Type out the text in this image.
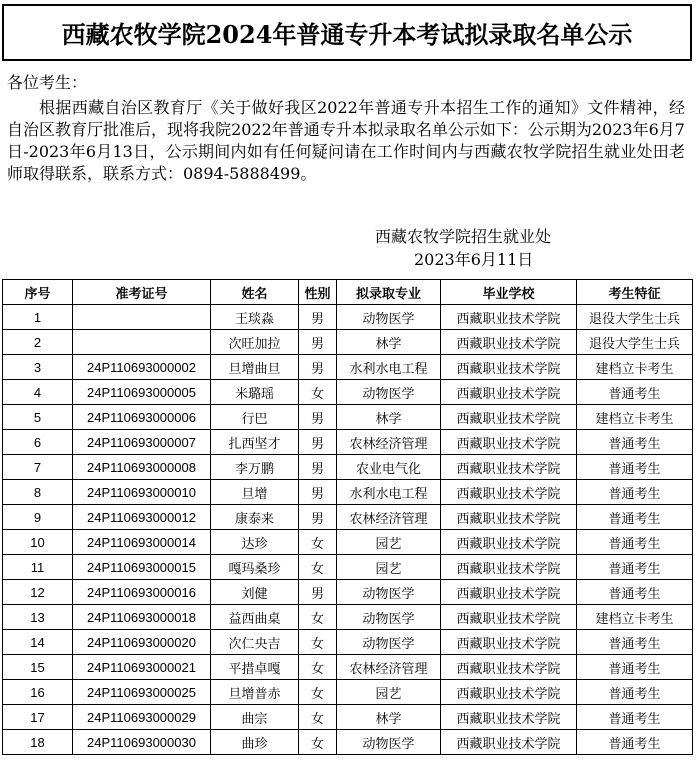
西藏农牧学院2024年普通专升本考试拟录取名单公示
各位考生：
根据西藏自治区教育厅《关于做好我区2022年普通专升本招生工作的通知》文件精神，经自治区教育厅批准后，现将我院2022年普通专升本拟录取名单公示如下：公示期为2023年6月7日-2023年6月13日，公示期间内如有任何疑问请在工作时间内与西藏农牧学院招生就业处田老师取得联系，联系方式：0894-5888499。
西藏农牧学院招生就业处
2023年6月11日
序号	准考证号	姓名	性别	拟录取专业	毕业学校	考生特征
1		王琰淼	男	动物医学	西藏职业技术学院	退役大学生士兵
2		次旺加拉	男	林学	西藏职业技术学院	退役大学生士兵
3	24P110693000002	旦增曲旦	男	水利水电工程	西藏职业技术学院	建档立卡考生
4	24P110693000005	米璐瑶	女	动物医学	西藏职业技术学院	普通考生
5	24P110693000006	行巴	男	林学	西藏职业技术学院	建档立卡考生
6	24P110693000007	扎西坚才	男	农林经济管理	西藏职业技术学院	普通考生
7	24P110693000008	李万鹏	男	农业电气化	西藏职业技术学院	普通考生
8	24P110693000010	旦增	男	水利水电工程	西藏职业技术学院	普通考生
9	24P110693000012	康泰来	男	农林经济管理	西藏职业技术学院	普通考生
10	24P110693000014	达珍	女	园艺	西藏职业技术学院	普通考生
11	24P110693000015	嘎玛桑珍	女	园艺	西藏职业技术学院	普通考生
12	24P110693000016	刘健	男	动物医学	西藏职业技术学院	普通考生
13	24P110693000018	益西曲桌	女	动物医学	西藏职业技术学院	建档立卡考生
14	24P110693000020	次仁央吉	女	动物医学	西藏职业技术学院	普通考生
15	24P110693000021	平措卓嘎	女	农林经济管理	西藏职业技术学院	普通考生
16	24P110693000025	旦增普赤	女	园艺	西藏职业技术学院	普通考生
17	24P110693000029	曲宗	女	林学	西藏职业技术学院	普通考生
18	24P110693000030	曲珍	女	动物医学	西藏职业技术学院	普通考生
